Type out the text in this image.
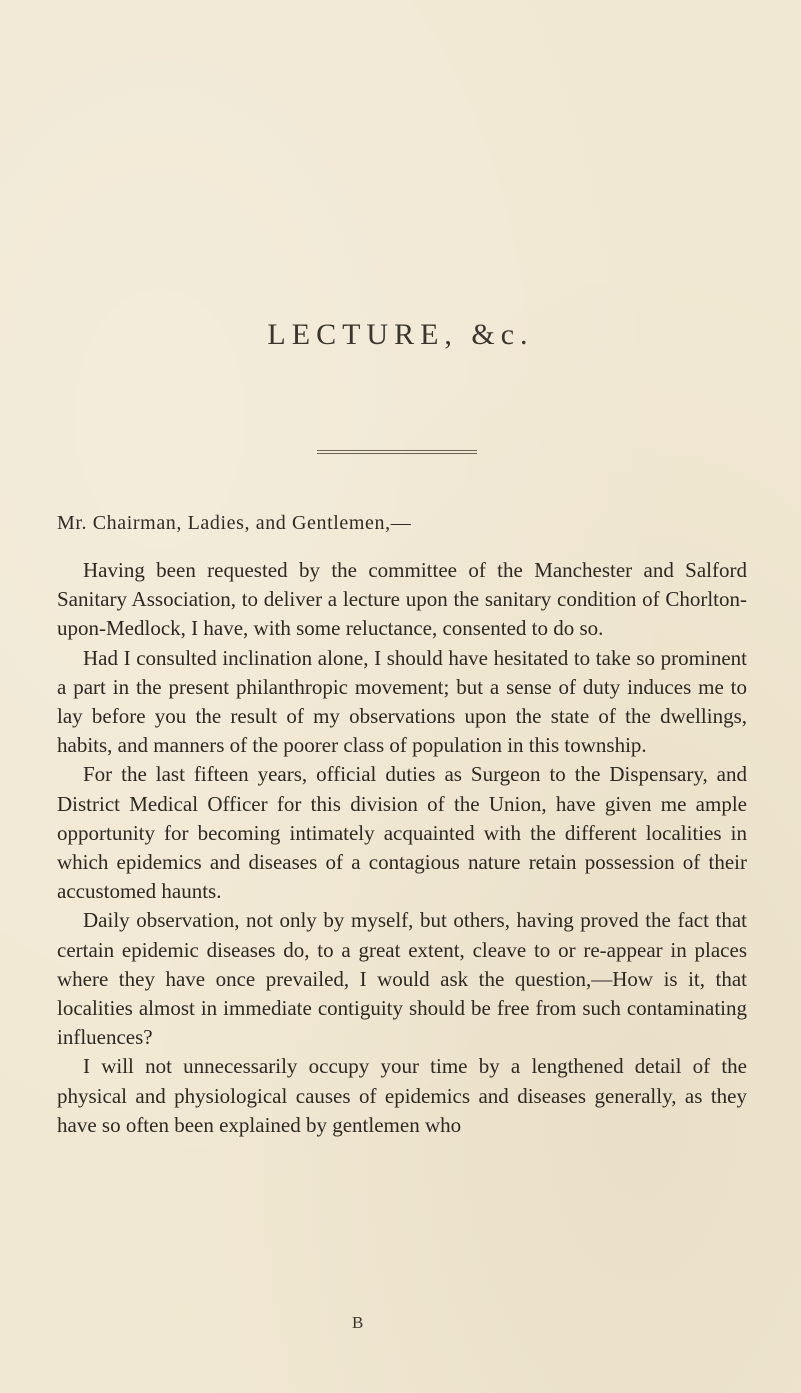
LECTURE, &c.
Mr. Chairman, Ladies, and Gentlemen,—

Having been requested by the committee of the Manchester and Salford Sanitary Association, to deliver a lecture upon the sanitary condition of Chorlton-upon-Medlock, I have, with some reluctance, consented to do so.

Had I consulted inclination alone, I should have hesitated to take so prominent a part in the present philanthropic movement; but a sense of duty induces me to lay before you the result of my observations upon the state of the dwellings, habits, and manners of the poorer class of population in this township.

For the last fifteen years, official duties as Surgeon to the Dispensary, and District Medical Officer for this division of the Union, have given me ample opportunity for becoming intimately acquainted with the different localities in which epidemics and diseases of a contagious nature retain possession of their accustomed haunts.

Daily observation, not only by myself, but others, having proved the fact that certain epidemic diseases do, to a great extent, cleave to or re-appear in places where they have once prevailed, I would ask the question,—How is it, that localities almost in immediate contiguity should be free from such contaminating influences?

I will not unnecessarily occupy your time by a lengthened detail of the physical and physiological causes of epidemics and diseases generally, as they have so often been explained by gentlemen who

B
